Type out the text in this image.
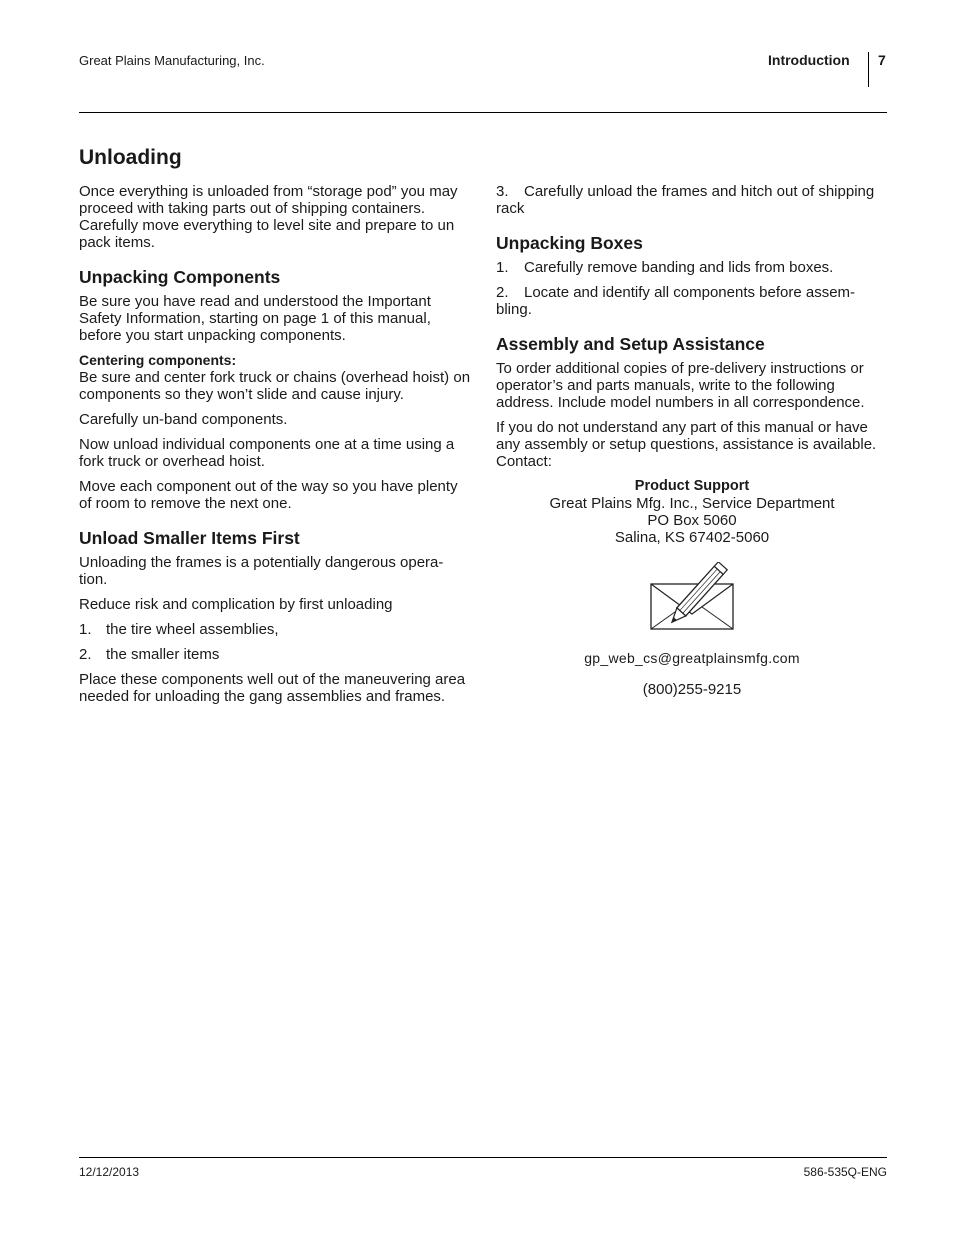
Great Plains Manufacturing, Inc.	Introduction 7
Unloading

Once everything is unloaded from “storage pod” you may proceed with taking parts out of shipping containers. Carefully move everything to level site and prepare to un pack items.

Unpacking Components

Be sure you have read and understood the Important Safety Information, starting on page 1 of this manual, before you start unpacking components.

Centering components:
Be sure and center fork truck or chains (overhead hoist) on components so they won’t slide and cause injury.

Carefully un-band components.

Now unload individual components one at a time using a fork truck or overhead hoist.

Move each component out of the way so you have plenty of room to remove the next one.

Unload Smaller Items First

Unloading the frames is a potentially dangerous opera-tion.

Reduce risk and complication by first unloading

1. the tire wheel assemblies,

2. the smaller items

Place these components well out of the maneuvering area needed for unloading the gang assemblies and frames.

3. Carefully unload the frames and hitch out of shipping rack

Unpacking Boxes

1. Carefully remove banding and lids from boxes.

2. Locate and identify all components before assem-bling.

Assembly and Setup Assistance

To order additional copies of pre-delivery instructions or operator’s and parts manuals, write to the following address. Include model numbers in all correspondence.

If you do not understand any part of this manual or have any assembly or setup questions, assistance is available. Contact:

Product Support
Great Plains Mfg. Inc., Service Department
PO Box 5060
Salina, KS 67402-5060
gp_web_cs@greatplainsmfg.com

(800)255-9215

12/12/2013	586-535Q-ENG
